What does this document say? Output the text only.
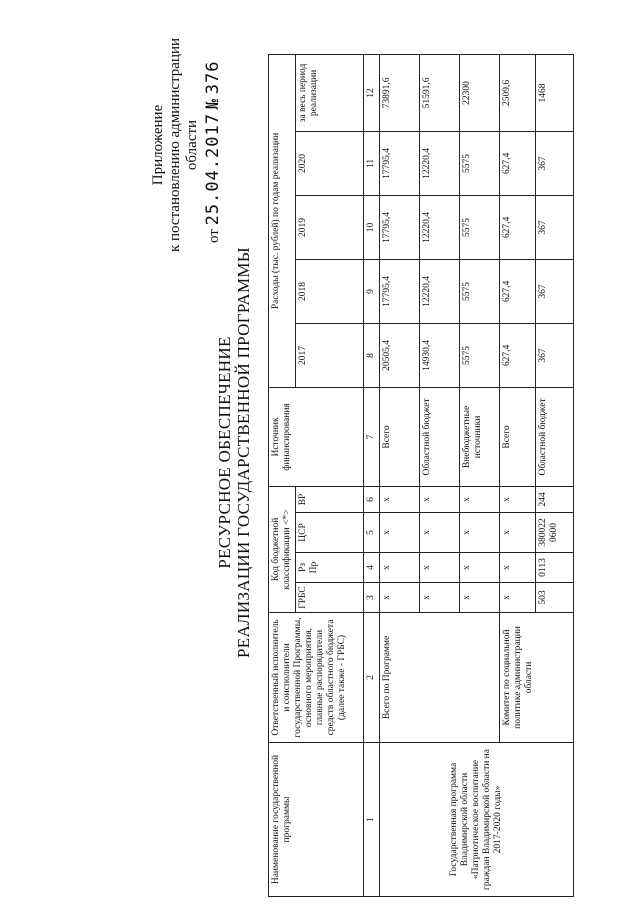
Приложение к постановлению администрации области
от 25.04.2017 № 376
РЕСУРСНОЕ ОБЕСПЕЧЕНИЕ РЕАЛИЗАЦИИ ГОСУДАРСТВЕННОЙ ПРОГРАММЫ
Наименование государственной программы	Ответственный исполнитель и соисполнители государственной Программы, основного мероприятия, главные распорядители средств областного бюджета (далее также - ГРБС)	Код бюджетной классификации <*>				Источник финансирования	Расходы (тыс. рублей) по годам реализации				
		ГРБС	Рз Пр	ЦСР	ВР		2017	2018	2019	2020	за весь период реализации

1	2	3	4	5	6	7	8	9	10	11	12
Государственная программа Владимирской области «Патриотическое воспитание граждан Владимирской области на 2017-2020 годы»	Всего по Программе	x	x	x	x	Всего	20505,4	17795,4	17795,4	17795,4	73891,6
		x	x	x	x	Областной бюджет	14930,4	12220,4	12220,4	12220,4	51591,6
		x	x	x	x	Внебюджетные источники	5575	5575	5575	5575	22300
	Комитет по социальной политике администрации области	x	x	x	x	Всего	627,4	627,4	627,4	627,4	2509,6
		503	0113	3800220600	244	Областной бюджет	367	367	367	367	1468
